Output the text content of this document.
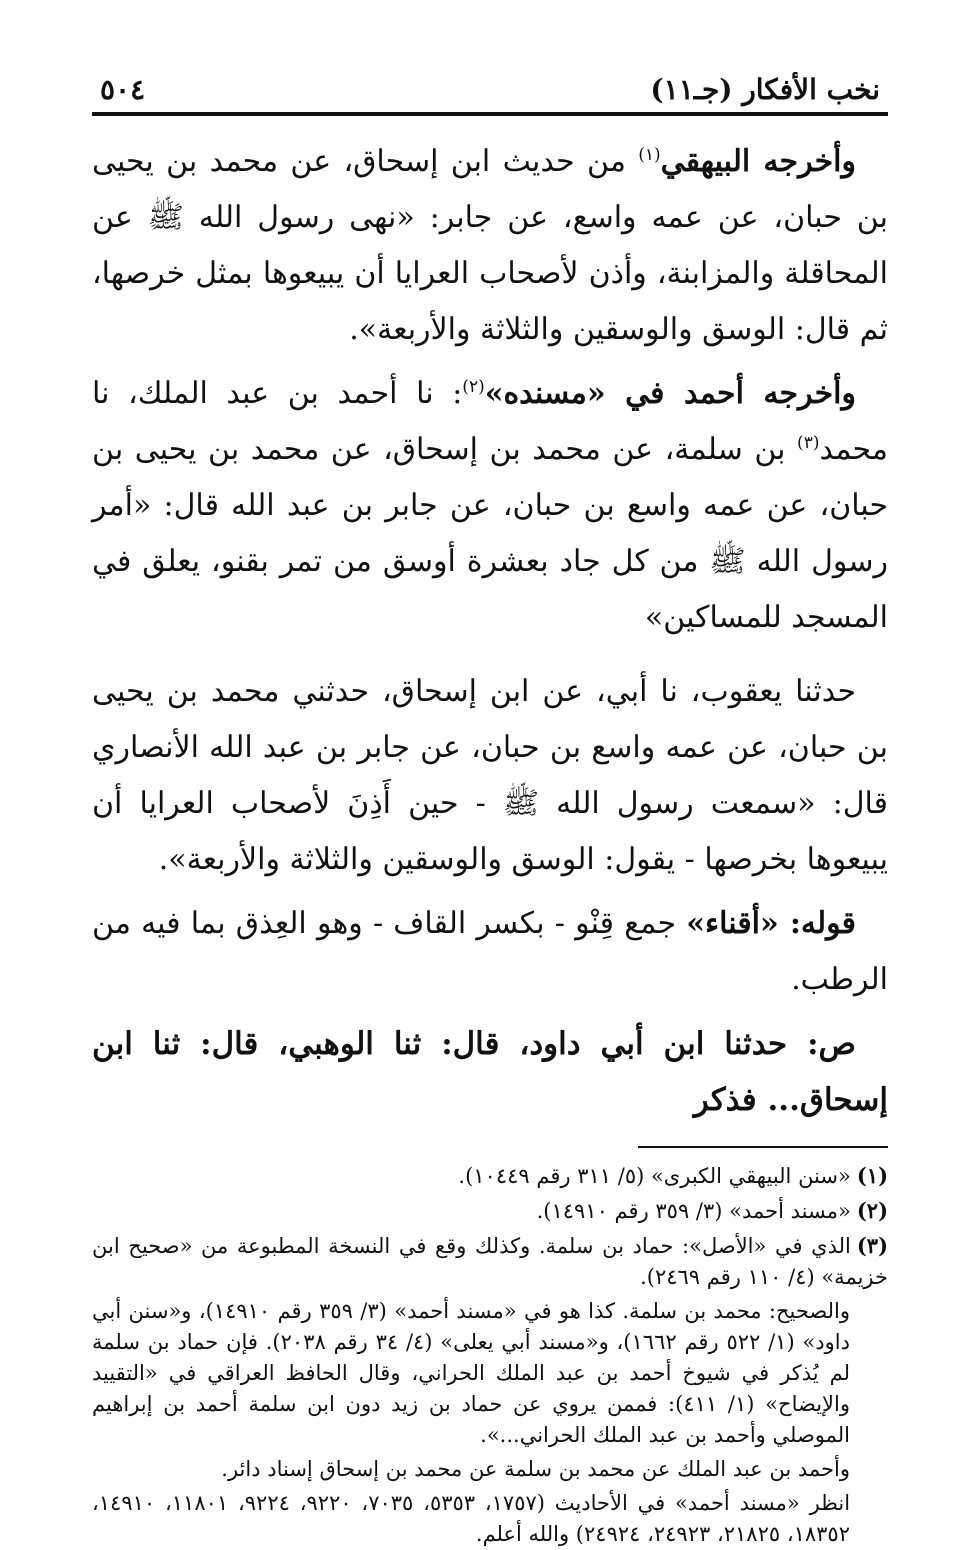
نخب الأفكار (جـ١١)
٥٠٤

وأخرجه البيهقي$^{(١)}$ من حديث ابن إسحاق، عن محمد بن يحيى بن حبان، عن عمه واسع، عن جابر: «نهى رسول الله ﷺ عن المحاقلة والمزابنة، وأذن لأصحاب العرايا أن يبيعوها بمثل خرصها، ثم قال: الوسق والوسقين والثلاثة والأربعة».

وأخرجه أحمد في «مسنده»$^{(٢)}$: نا أحمد بن عبد الملك، نا محمد$^{(٣)}$ بن سلمة، عن محمد بن إسحاق، عن محمد بن يحيى بن حبان، عن عمه واسع بن حبان، عن جابر بن عبد الله قال: «أمر رسول الله ﷺ من كل جاد بعشرة أوسق من تمر بقنو، يعلق في المسجد للمساكين»

حدثنا يعقوب، نا أبي، عن ابن إسحاق، حدثني محمد بن يحيى بن حبان، عن عمه واسع بن حبان، عن جابر بن عبد الله الأنصاري قال: «سمعت رسول الله ﷺ - حين أَذِنَ لأصحاب العرايا أن يبيعوها بخرصها - يقول: الوسق والوسقين والثلاثة والأربعة».

قوله: «أقناء» جمع قِنْو - بكسر القاف - وهو العِذق بما فيه من الرطب.

ص: حدثنا ابن أبي داود، قال: ثنا الوهبي، قال: ثنا ابن إسحاق... فذكر

(١)«سنن البيهقي الكبرى» (٥/ ٣١١ رقم ١٠٤٤٩).

(٢)«مسند أحمد» (٣/ ٣٥٩ رقم ١٤٩١٠).

(٣)الذي في «الأصل»: حماد بن سلمة. وكذلك وقع في النسخة المطبوعة من «صحيح ابن خزيمة» (٤/ ١١٠ رقم ٢٤٦٩).

والصحيح: محمد بن سلمة. كذا هو في «مسند أحمد» (٣/ ٣٥٩ رقم ١٤٩١٠)، و«سنن أبي داود» (١/ ٥٢٢ رقم ١٦٦٢)، و«مسند أبي يعلى» (٤/ ٣٤ رقم ٢٠٣٨). فإن حماد بن سلمة لم يُذكر في شيوخ أحمد بن عبد الملك الحراني، وقال الحافظ العراقي في «التقييد والإيضاح» (١/ ٤١١): فممن يروي عن حماد بن زيد دون ابن سلمة أحمد بن إبراهيم الموصلي وأحمد بن عبد الملك الحراني...».

وأحمد بن عبد الملك عن محمد بن سلمة عن محمد بن إسحاق إسناد دائر.

انظر «مسند أحمد» في الأحاديث (١٧٥٧، ٥٣٥٣، ٧٠٣٥، ٩٢٢٠، ٩٢٢٤، ١١٨٠١، ١٤٩١٠، ١٨٣٥٢، ٢١٨٢٥، ٢٤٩٢٣، ٢٤٩٢٤) والله أعلم.
